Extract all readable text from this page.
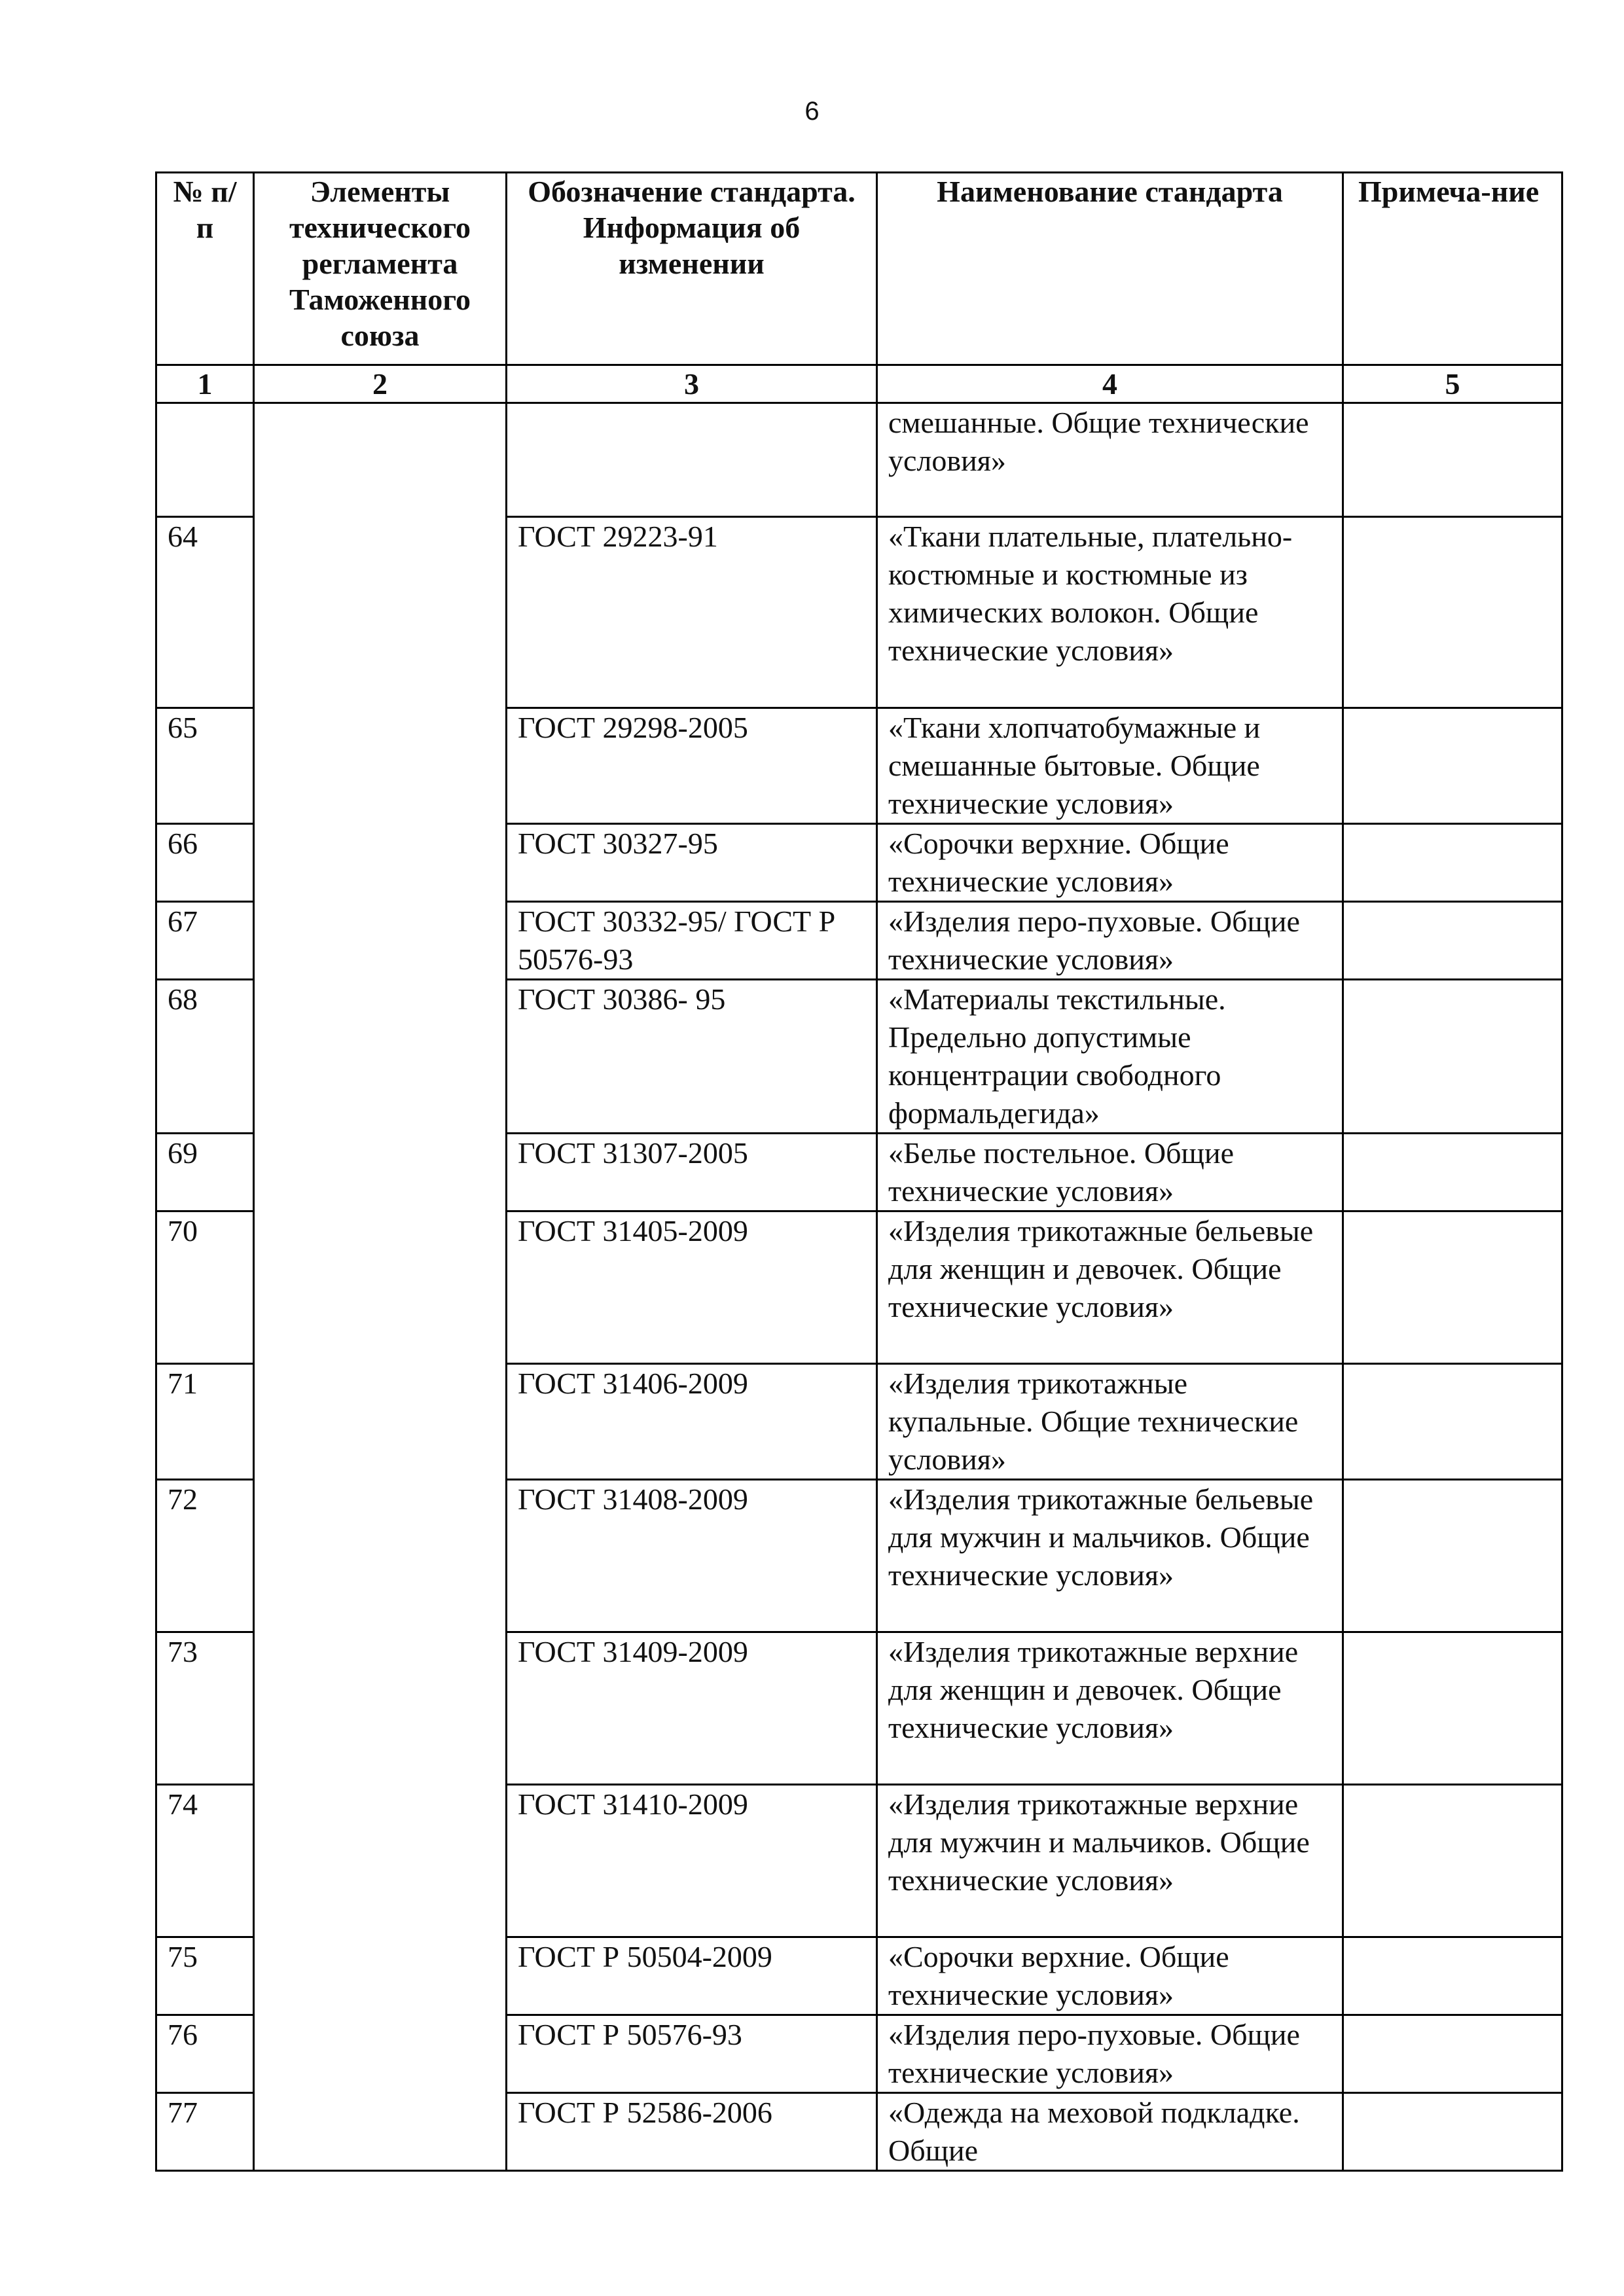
6
№ п/п	Элементы технического регламента Таможенного союза	Обозначение стандарта. Информация об изменении	Наименование стандарта	Примеча-ние
1	2	3	4	5
			смешанные. Общие технические условия»	
64		ГОСТ 29223-91	«Ткани плательные, плательно-костюмные и костюмные из химических волокон. Общие технические условия»	
65		ГОСТ 29298-2005	«Ткани хлопчатобумажные и смешанные бытовые. Общие технические условия»	
66		ГОСТ 30327-95	«Сорочки верхние. Общие технические условия»	
67		ГОСТ 30332-95/ ГОСТ Р 50576-93	«Изделия перо-пуховые. Общие технические условия»	
68		ГОСТ 30386- 95	«Материалы текстильные. Предельно допустимые концентрации свободного формальдегида»	
69		ГОСТ 31307-2005	«Белье постельное. Общие технические условия»	
70		ГОСТ 31405-2009	«Изделия трикотажные бельевые для женщин и девочек. Общие технические условия»	
71		ГОСТ 31406-2009	«Изделия трикотажные купальные. Общие технические условия»	
72		ГОСТ 31408-2009	«Изделия трикотажные бельевые для мужчин и мальчиков. Общие технические условия»	
73		ГОСТ 31409-2009	«Изделия трикотажные верхние для женщин и девочек. Общие технические условия»	
74		ГОСТ 31410-2009	«Изделия трикотажные верхние для мужчин и мальчиков. Общие технические условия»	
75		ГОСТ Р 50504-2009	«Сорочки верхние. Общие технические условия»	
76		ГОСТ Р 50576-93	«Изделия перо-пуховые. Общие технические условия»	
77		ГОСТ Р 52586-2006	«Одежда на меховой подкладке. Общие	
